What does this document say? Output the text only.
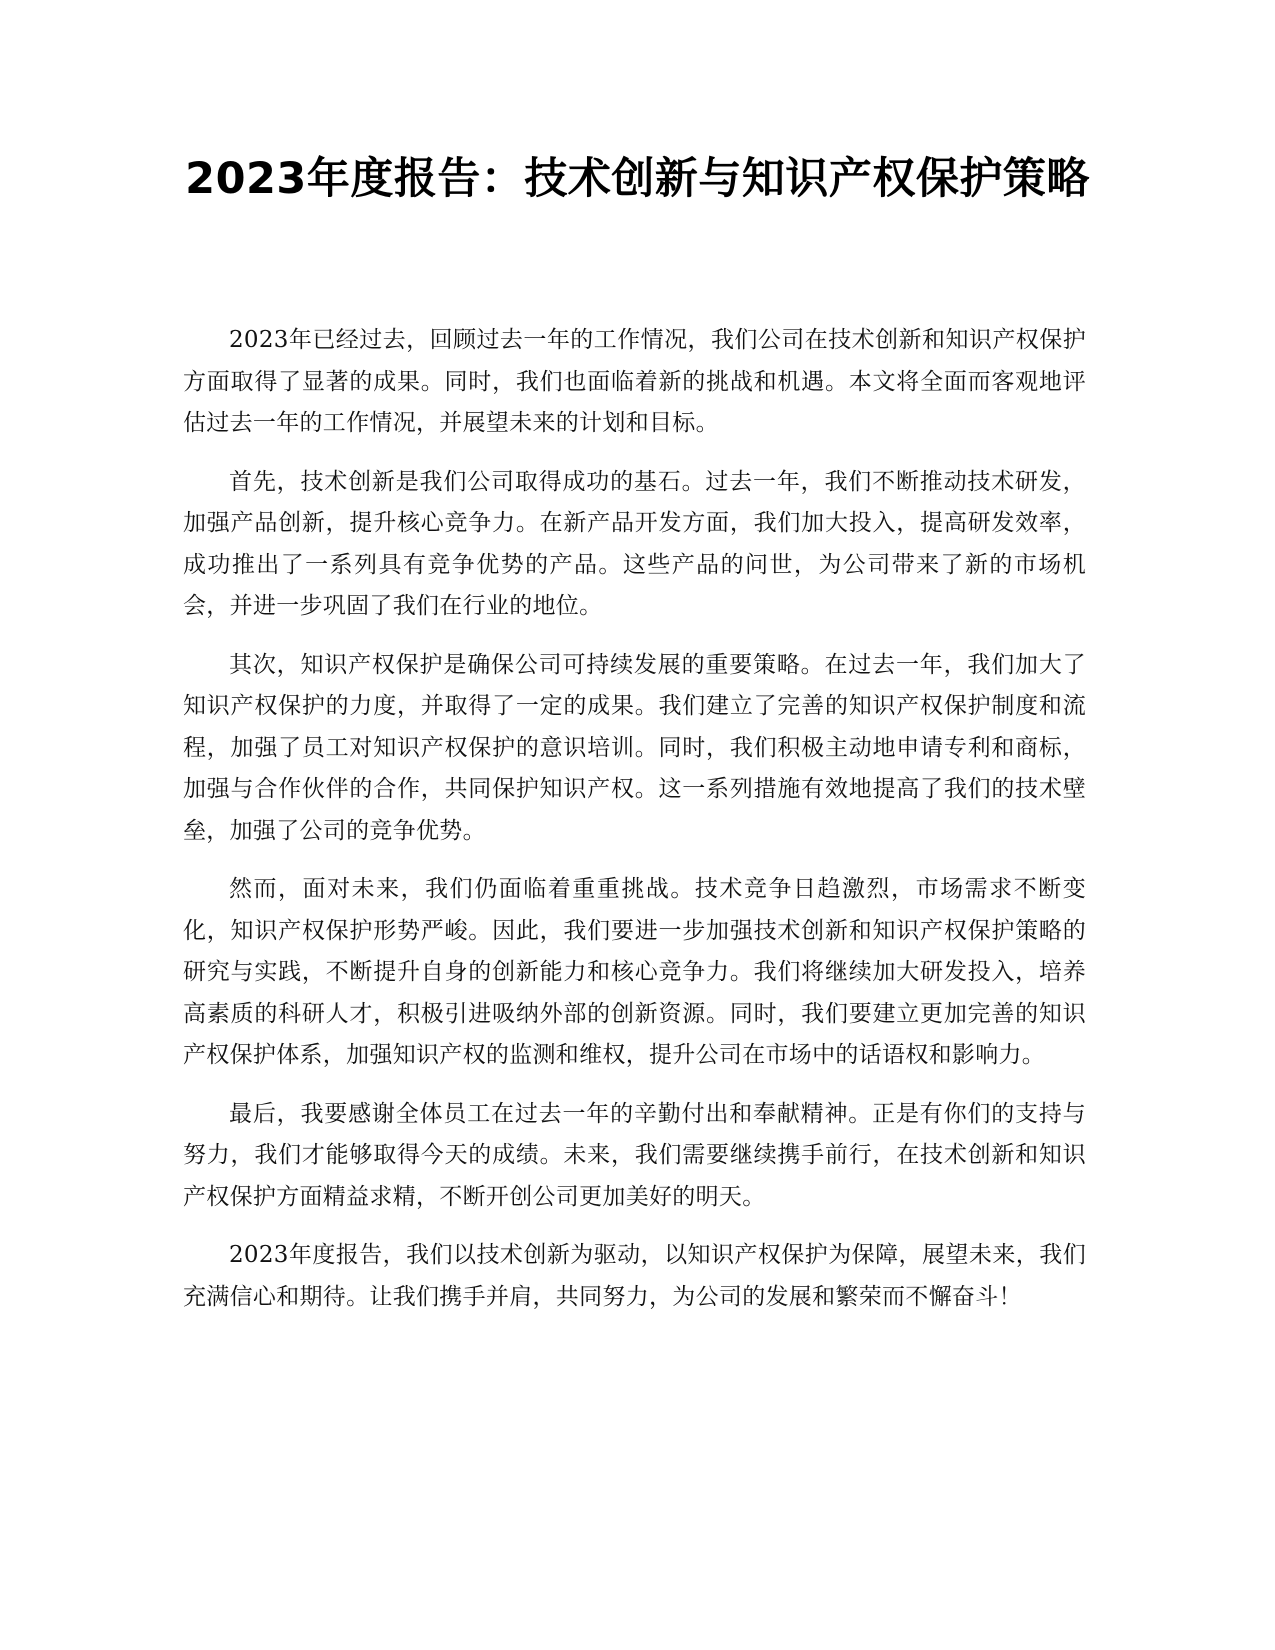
2023年度报告：技术创新与知识产权保护策略

2023年已经过去，回顾过去一年的工作情况，我们公司在技术创新和知识产权保护方面取得了显著的成果。同时，我们也面临着新的挑战和机遇。本文将全面而客观地评估过去一年的工作情况，并展望未来的计划和目标。

首先，技术创新是我们公司取得成功的基石。过去一年，我们不断推动技术研发，加强产品创新，提升核心竞争力。在新产品开发方面，我们加大投入，提高研发效率，成功推出了一系列具有竞争优势的产品。这些产品的问世，为公司带来了新的市场机会，并进一步巩固了我们在行业的地位。

其次，知识产权保护是确保公司可持续发展的重要策略。在过去一年，我们加大了知识产权保护的力度，并取得了一定的成果。我们建立了完善的知识产权保护制度和流程，加强了员工对知识产权保护的意识培训。同时，我们积极主动地申请专利和商标，加强与合作伙伴的合作，共同保护知识产权。这一系列措施有效地提高了我们的技术壁垒，加强了公司的竞争优势。

然而，面对未来，我们仍面临着重重挑战。技术竞争日趋激烈，市场需求不断变化，知识产权保护形势严峻。因此，我们要进一步加强技术创新和知识产权保护策略的研究与实践，不断提升自身的创新能力和核心竞争力。我们将继续加大研发投入，培养高素质的科研人才，积极引进吸纳外部的创新资源。同时，我们要建立更加完善的知识产权保护体系，加强知识产权的监测和维权，提升公司在市场中的话语权和影响力。

最后，我要感谢全体员工在过去一年的辛勤付出和奉献精神。正是有你们的支持与努力，我们才能够取得今天的成绩。未来，我们需要继续携手前行，在技术创新和知识产权保护方面精益求精，不断开创公司更加美好的明天。

2023年度报告，我们以技术创新为驱动，以知识产权保护为保障，展望未来，我们充满信心和期待。让我们携手并肩，共同努力，为公司的发展和繁荣而不懈奋斗！
